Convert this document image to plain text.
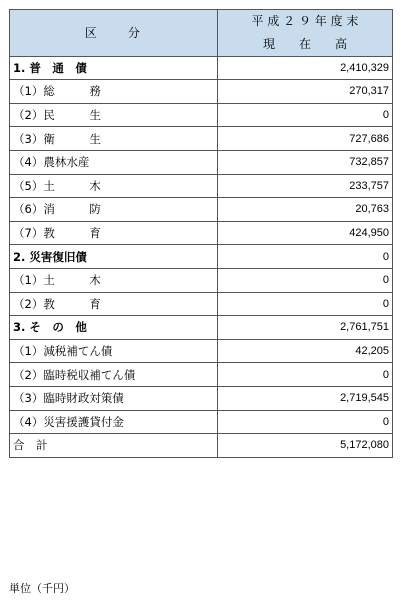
区　　分	平 成 ２ ９ 年 度 末
現　　在　　高

1. 普　通　債	2,410,329
（1）総　　　務	270,317
（2）民　　　生	0
（3）衛　　　生	727,686
（4）農林水産	732,857
（5）土　　　木	233,757
（6）消　　　防	20,763
（7）教　　　育	424,950
2. 災害復旧債	0
（1）土　　　木	0
（2）教　　　育	0
3. そ　の　他	2,761,751
（1）減税補てん債	42,205
（2）臨時税収補てん債	0
（3）臨時財政対策債	2,719,545
（4）災害援護貸付金	0
合　計	5,172,080
単位（千円）
